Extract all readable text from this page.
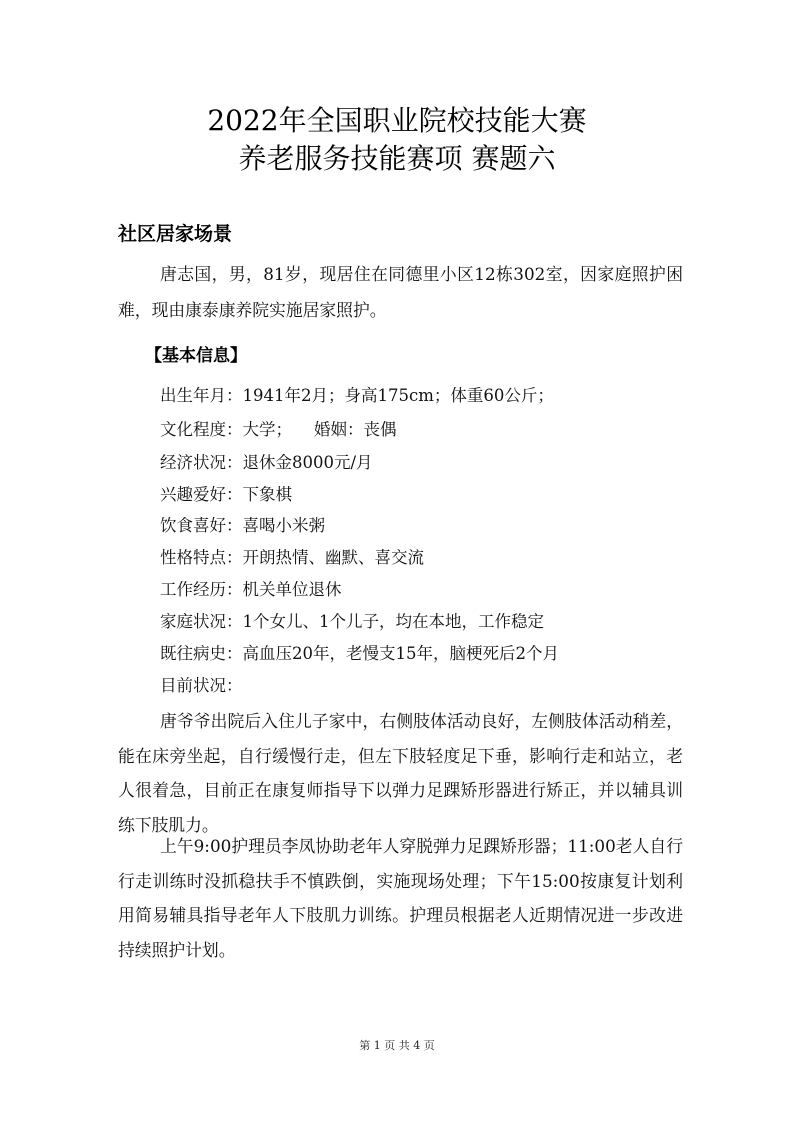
2022年全国职业院校技能大赛
养老服务技能赛项 赛题六
社区居家场景
唐志国，男，81岁，现居住在同德里小区12栋302室，因家庭照护困难，现由康泰康养院实施居家照护。
【基本信息】
出生年月：1941年2月；身高175cm；体重60公斤；
文化程度：大学； 婚姻：丧偶
经济状况：退休金8000元/月
兴趣爱好：下象棋
饮食喜好：喜喝小米粥
性格特点：开朗热情、幽默、喜交流
工作经历：机关单位退休
家庭状况：1个女儿、1个儿子，均在本地，工作稳定
既往病史：高血压20年，老慢支15年，脑梗死后2个月
目前状况：
唐爷爷出院后入住儿子家中，右侧肢体活动良好，左侧肢体活动稍差，能在床旁坐起，自行缓慢行走，但左下肢轻度足下垂，影响行走和站立，老人很着急，目前正在康复师指导下以弹力足踝矫形器进行矫正，并以辅具训练下肢肌力。
上午9:00护理员李凤协助老年人穿脱弹力足踝矫形器；11:00老人自行行走训练时没抓稳扶手不慎跌倒，实施现场处理；下午15:00按康复计划利用简易辅具指导老年人下肢肌力训练。护理员根据老人近期情况进一步改进持续照护计划。
第 1 页 共 4 页
